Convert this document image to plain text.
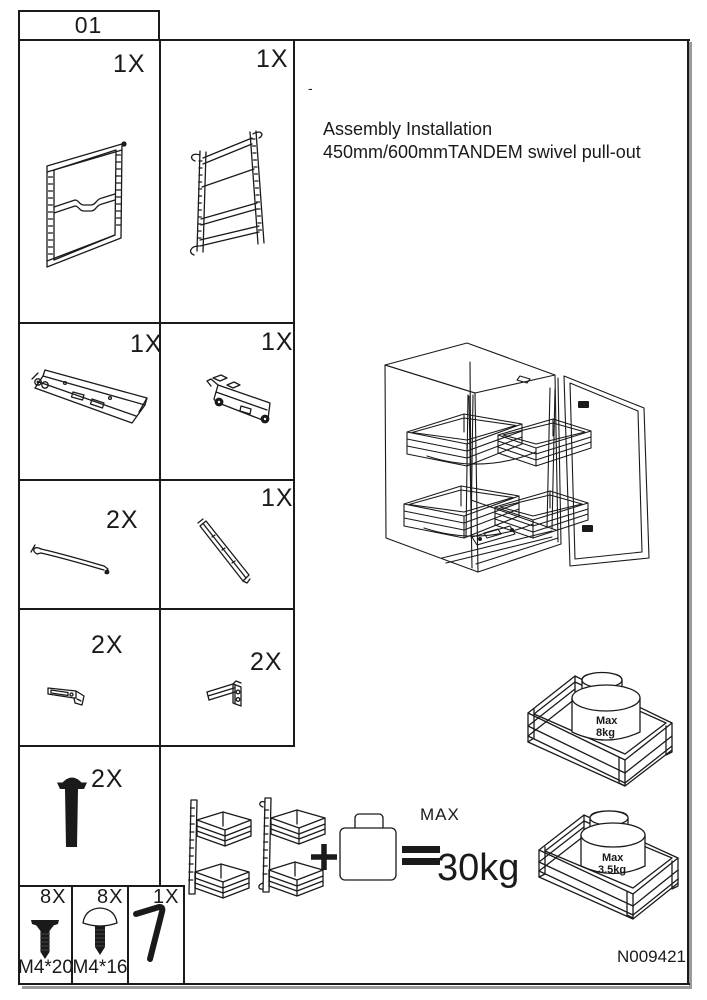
01
-
Assembly Installation
450mm/600mmTANDEM swivel pull-out
1X	1X
1X	1X
2X
1X
2X
2X
2X
8X
M4*20
8X
M4*16
1X
Max
8kg
Max
3.5kg
MAX
30kg
N009421
